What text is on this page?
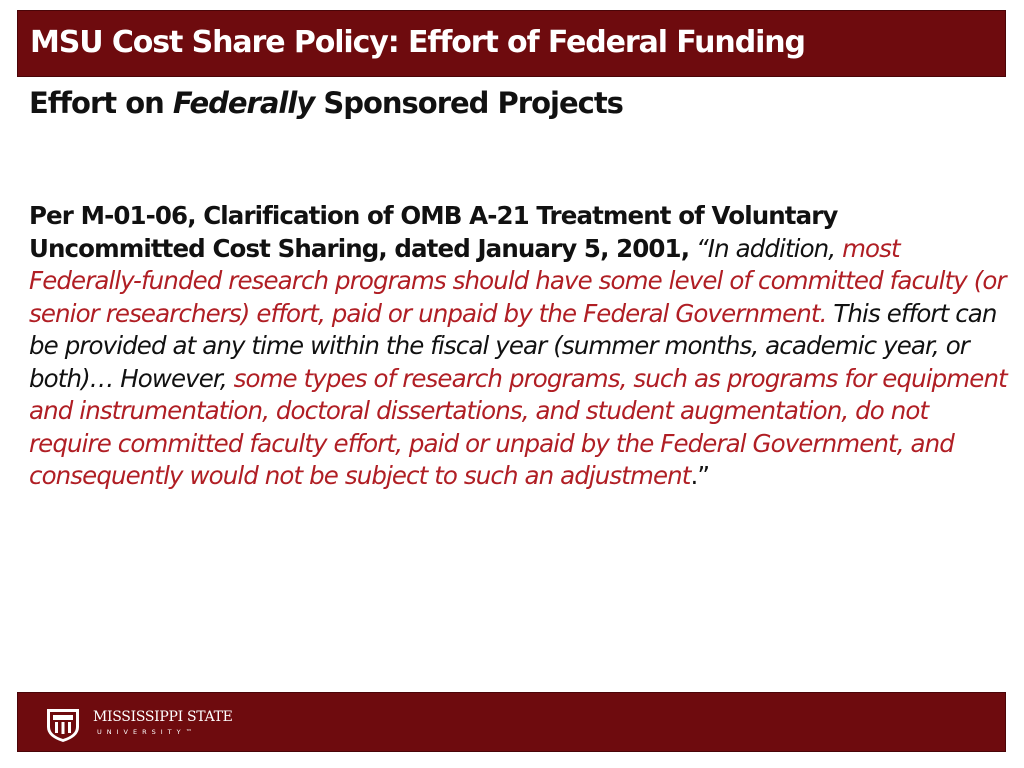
MSU Cost Share Policy: Effort of Federal Funding
Effort on Federally Sponsored Projects
Per M-01-06, Clarification of OMB A-21 Treatment of Voluntary Uncommitted Cost Sharing, dated January 5, 2001, “In addition, most Federally-funded research programs should have some level of committed faculty (or senior researchers) effort, paid or unpaid by the Federal Government. This effort can be provided at any time within the fiscal year (summer months, academic year, or both)… However, some types of research programs, such as programs for equipment and instrumentation, doctoral dissertations, and student augmentation, do not require committed faculty effort, paid or unpaid by the Federal Government, and consequently would not be subject to such an adjustment.”
MISSISSIPPI STATE
UNIVERSITY™
